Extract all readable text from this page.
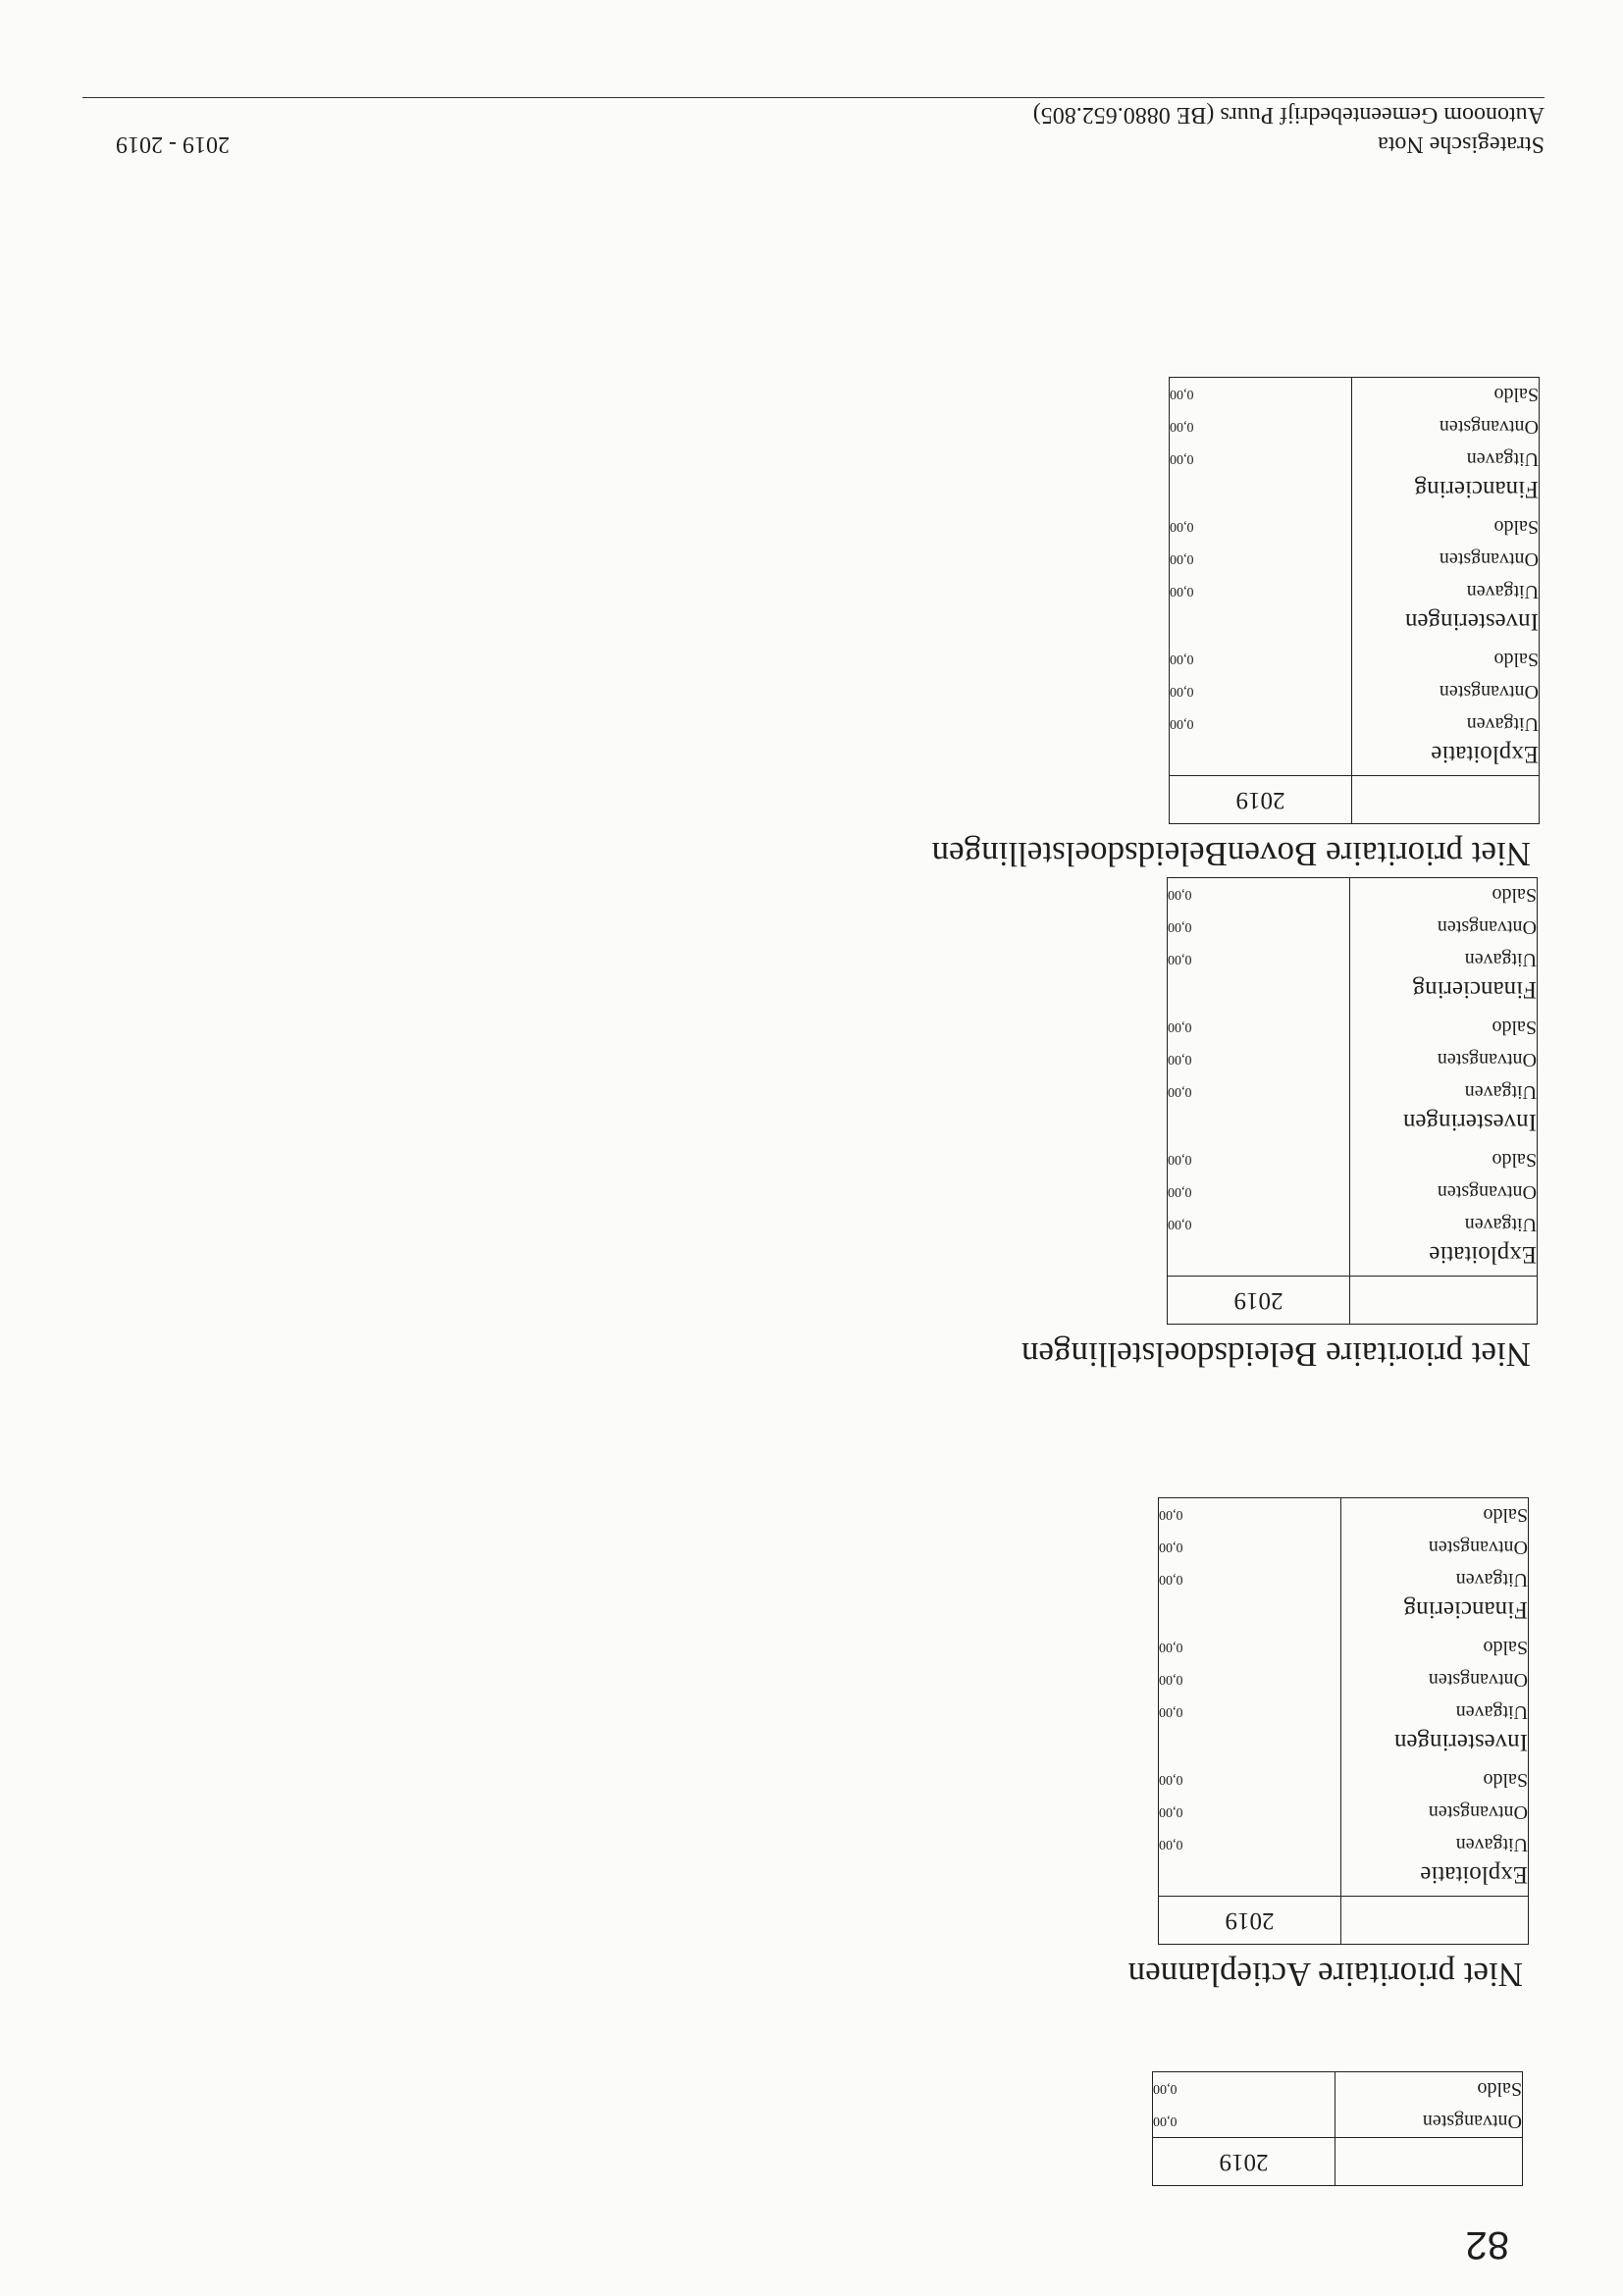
Strategische Nota
Autonoom Gemeentebedrijf Puurs (BE 0880.652.805)
2019 - 2019
Niet prioritaire BovenBeleidsdoelstellingen
	2019
Exploitatie	
Uitgaven	0,00
Ontvangsten	0,00
Saldo	0,00
Investeringen	
Uitgaven	0,00
Ontvangsten	0,00
Saldo	0,00
Financiering	
Uitgaven	0,00
Ontvangsten	0,00
Saldo	0,00
Niet prioritaire Beleidsdoelstellingen
	2019
Exploitatie	
Uitgaven	0,00
Ontvangsten	0,00
Saldo	0,00
Investeringen	
Uitgaven	0,00
Ontvangsten	0,00
Saldo	0,00
Financiering	
Uitgaven	0,00
Ontvangsten	0,00
Saldo	0,00
Niet prioritaire Actieplannen
	2019
Exploitatie	
Uitgaven	0,00
Ontvangsten	0,00
Saldo	0,00
Investeringen	
Uitgaven	0,00
Ontvangsten	0,00
Saldo	0,00
Financiering	
Uitgaven	0,00
Ontvangsten	0,00
Saldo	0,00
	2019
Ontvangsten	0,00
Saldo	0,00
82
